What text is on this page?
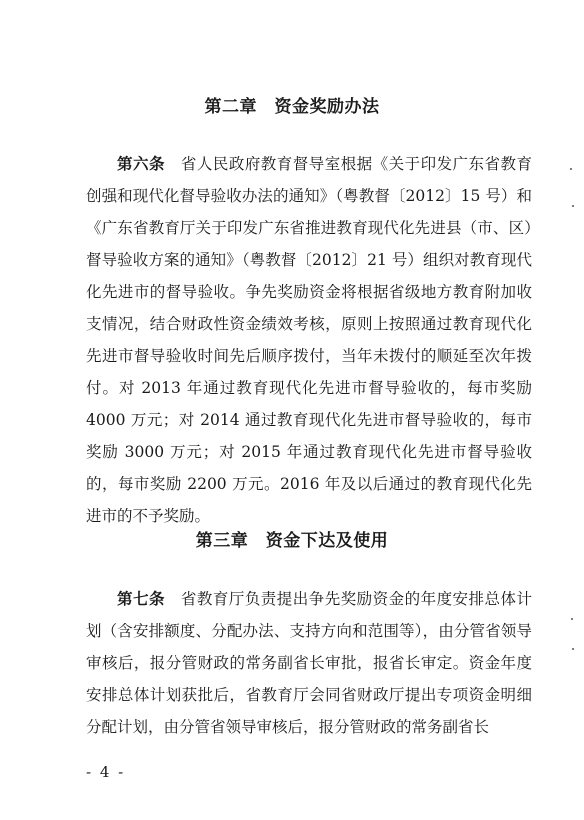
第二章　资金奖励办法

第六条　省人民政府教育督导室根据《关于印发广东省教育创强和现代化督导验收办法的通知》（粤教督〔2012〕15 号）和《广东省教育厅关于印发广东省推进教育现代化先进县（市、区）督导验收方案的通知》（粤教督〔2012〕21 号）组织对教育现代化先进市的督导验收。争先奖励资金将根据省级地方教育附加收支情况，结合财政性资金绩效考核，原则上按照通过教育现代化先进市督导验收时间先后顺序拨付，当年未拨付的顺延至次年拨付。对 2013 年通过教育现代化先进市督导验收的，每市奖励 4000 万元；对 2014 通过教育现代化先进市督导验收的，每市奖励 3000 万元；对 2015 年通过教育现代化先进市督导验收的，每市奖励 2200 万元。2016 年及以后通过的教育现代化先进市的不予奖励。

第三章　资金下达及使用

第七条　省教育厅负责提出争先奖励资金的年度安排总体计划（含安排额度、分配办法、支持方向和范围等），由分管省领导审核后，报分管财政的常务副省长审批，报省长审定。资金年度安排总体计划获批后，省教育厅会同省财政厅提出专项资金明细分配计划，由分管省领导审核后，报分管财政的常务副省长

- 4 -
